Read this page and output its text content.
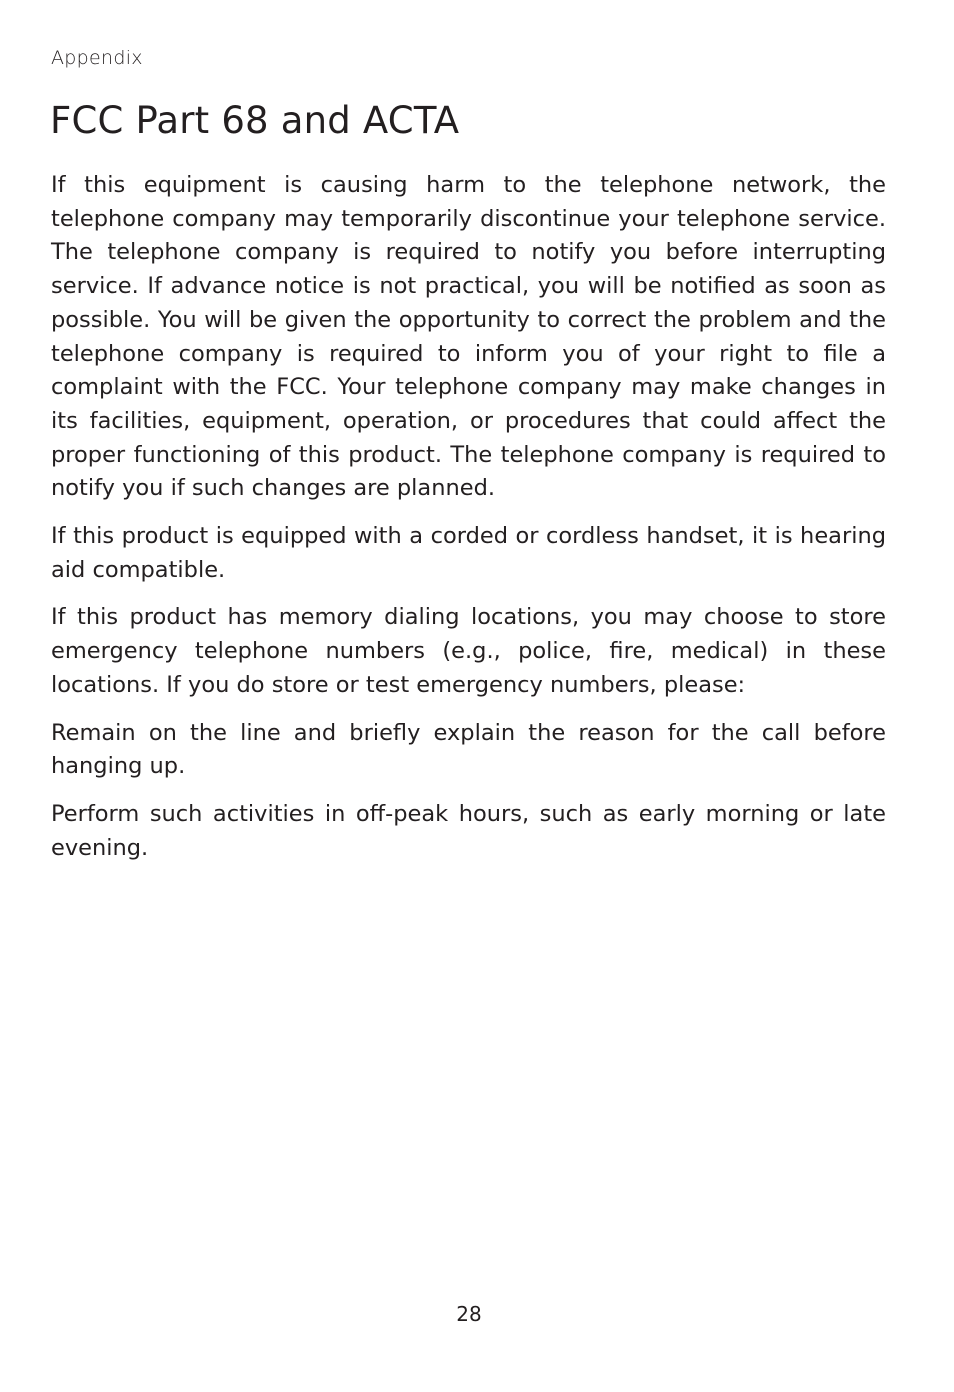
Appendix
FCC Part 68 and ACTA

If this equipment is causing harm to the telephone network, the telephone company may temporarily discontinue your telephone service. The telephone company is required to notify you before interrupting service. If advance notice is not practical, you will be notified as soon as possible. You will be given the opportunity to correct the problem and the telephone company is required to inform you of your right to file a complaint with the FCC. Your telephone company may make changes in its facilities, equipment, operation, or procedures that could affect the proper functioning of this product. The telephone company is required to notify you if such changes are planned.

If this product is equipped with a corded or cordless handset, it is hearing aid compatible.

If this product has memory dialing locations, you may choose to store emergency telephone numbers (e.g., police, fire, medical) in these locations. If you do store or test emergency numbers, please:

Remain on the line and briefly explain the reason for the call before hanging up.

Perform such activities in off-peak hours, such as early morning or late evening.

28
